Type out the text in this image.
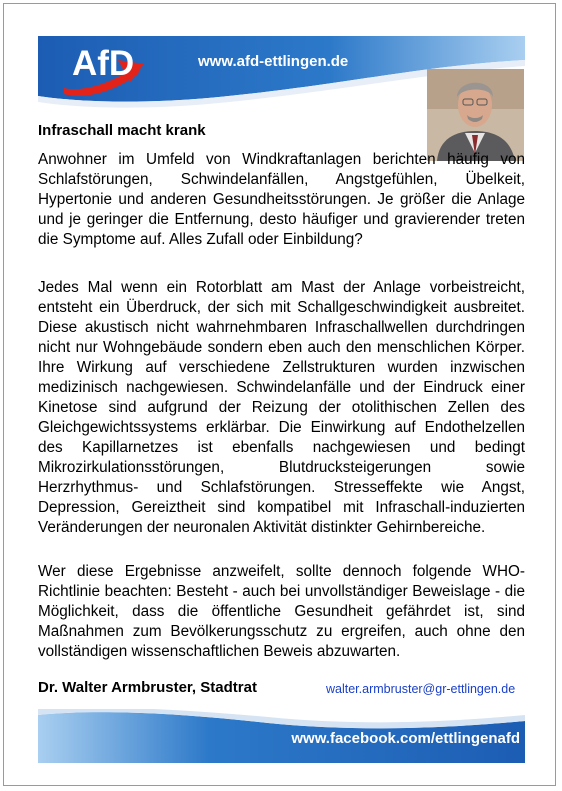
AfD	www.afd-ettlingen.de
Infraschall macht krank

Anwohner im Umfeld von Windkraftanlagen berichten häufig von Schlafstörungen, Schwindelanfällen, Angstgefühlen, Übelkeit, Hypertonie und anderen Gesundheitsstörungen. Je größer die Anlage und je geringer die Entfernung, desto häufiger und gravierender treten die Symptome auf. Alles Zufall oder Einbildung?

Jedes Mal wenn ein Rotorblatt am Mast der Anlage vorbeistreicht, entsteht ein Überdruck, der sich mit Schallgeschwindigkeit ausbreitet. Diese akustisch nicht wahrnehmbaren Infraschallwellen durchdringen nicht nur Wohngebäude sondern eben auch den menschlichen Körper. Ihre Wirkung auf verschiedene Zellstrukturen wurden inzwischen medizinisch nachgewiesen. Schwindelanfälle und der Eindruck einer Kinetose sind aufgrund der Reizung der otolithischen Zellen des Gleichgewichtssystems erklärbar. Die Einwirkung auf Endothelzellen des Kapillarnetzes ist ebenfalls nachgewiesen und bedingt Mikrozirkulationsstörungen, Blutdrucksteigerungen sowie Herzrhythmus- und Schlafstörungen. Stresseffekte wie Angst, Depression, Gereiztheit sind kompatibel mit Infraschall-induzierten Veränderungen der neuronalen Aktivität distinkter Gehirnbereiche.

Wer diese Ergebnisse anzweifelt, sollte dennoch folgende WHO-Richtlinie beachten: Besteht - auch bei unvollständiger Beweislage - die Möglichkeit, dass die öffentliche Gesundheit gefährdet ist, sind Maßnahmen zum Bevölkerungsschutz zu ergreifen, auch ohne den vollständigen wissenschaftlichen Beweis abzuwarten.

Dr. Walter Armbruster, Stadtrat	walter.armbruster@gr-ettlingen.de
www.facebook.com/ettlingenafd
